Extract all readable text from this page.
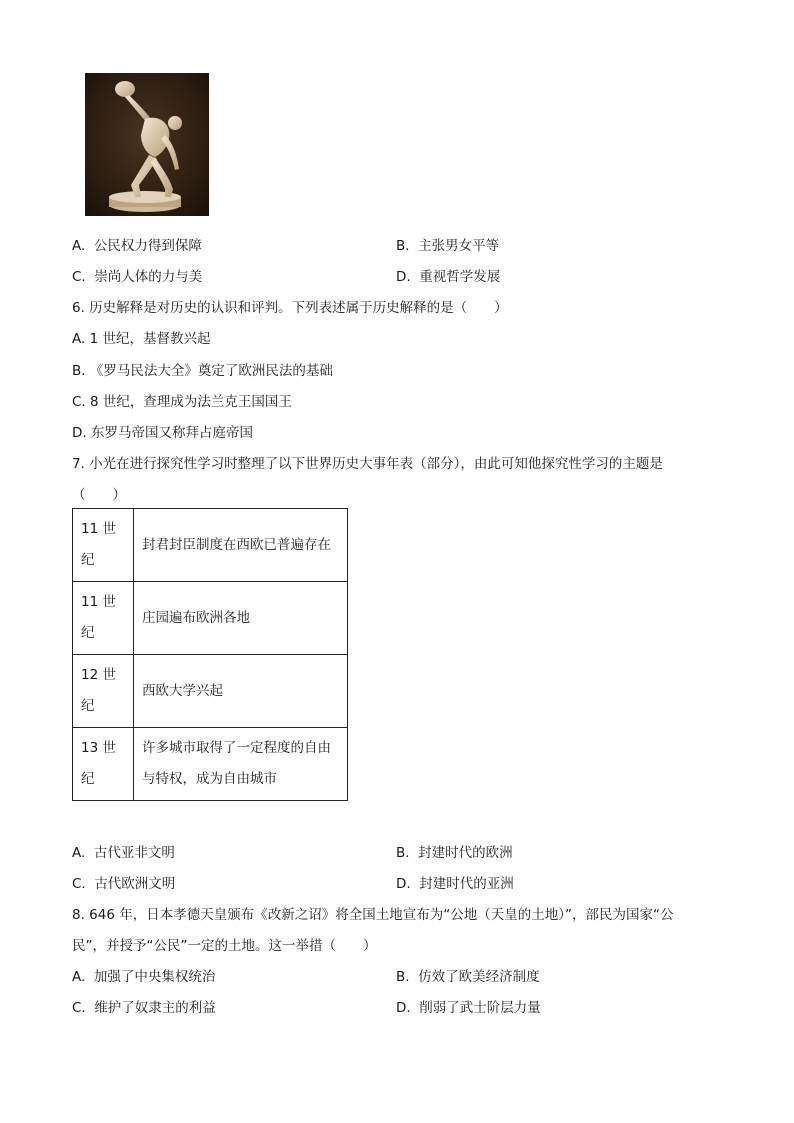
A. 公民权力得到保障	B. 主张男女平等
C. 崇尚人体的力与美	D. 重视哲学发展
6. 历史解释是对历史的认识和评判。下列表述属于历史解释的是（　　）
A. 1 世纪，基督教兴起
B. 《罗马民法大全》奠定了欧洲民法的基础
C. 8 世纪，查理成为法兰克王国国王
D. 东罗马帝国又称拜占庭帝国
7. 小光在进行探究性学习时整理了以下世界历史大事年表（部分），由此可知他探究性学习的主题是
（　　）
11 世纪	封君封臣制度在西欧已普遍存在
11 世纪	庄园遍布欧洲各地
12 世纪	西欧大学兴起
13 世纪	许多城市取得了一定程度的自由与特权，成为自由城市
A. 古代亚非文明	B. 封建时代的欧洲
C. 古代欧洲文明	D. 封建时代的亚洲
8. 646 年，日本孝德天皇颁布《改新之诏》将全国土地宣布为“公地（天皇的土地）”，部民为国家“公
民”，并授予“公民”一定的土地。这一举措（　　）
A. 加强了中央集权统治	B. 仿效了欧美经济制度
C. 维护了奴隶主的利益	D. 削弱了武士阶层力量
